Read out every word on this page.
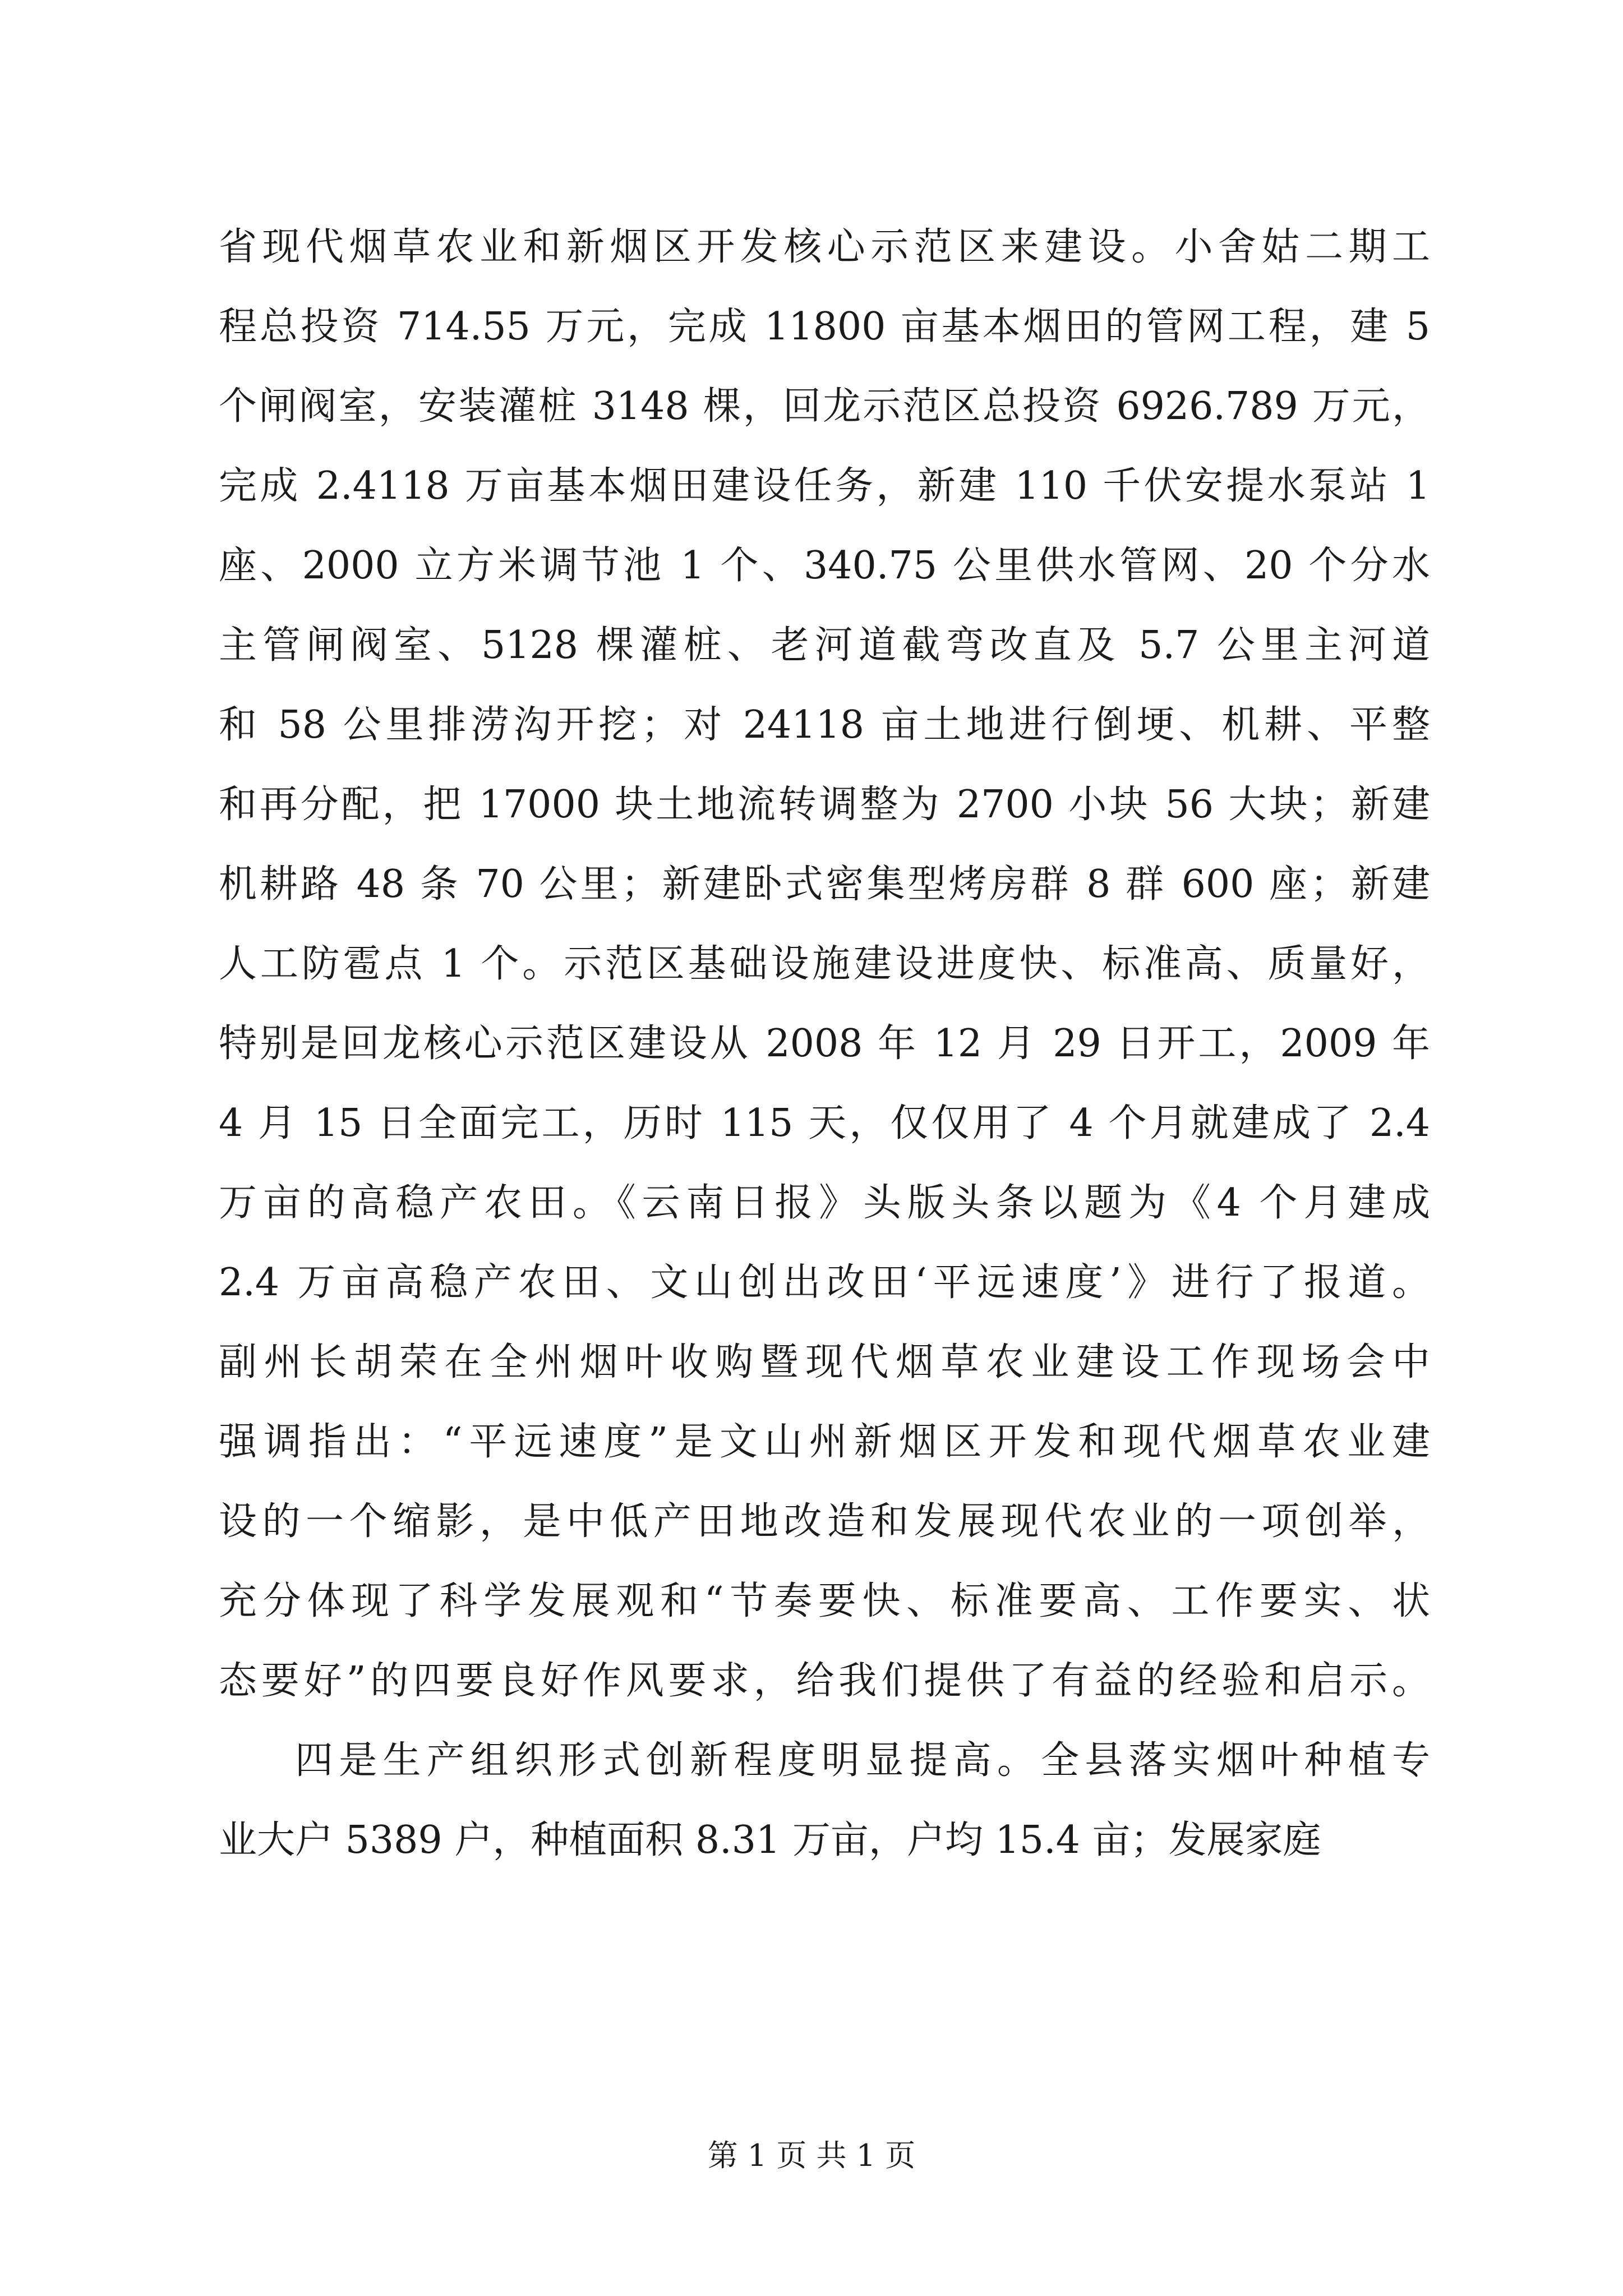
省现代烟草农业和新烟区开发核心示范区来建设。小舍姑二期工
程总投资 714.55 万元，完成 11800 亩基本烟田的管网工程，建 5
个闸阀室，安装灌桩 3148 棵，回龙示范区总投资 6926.789 万元，
完成 2.4118 万亩基本烟田建设任务，新建 110 千伏安提水泵站 1
座、2000 立方米调节池 1 个、340.75 公里供水管网、20 个分水
主管闸阀室、5128 棵灌桩、老河道截弯改直及 5.7 公里主河道
和 58 公里排涝沟开挖；对 24118 亩土地进行倒埂、机耕、平整
和再分配，把 17000 块土地流转调整为 2700 小块 56 大块；新建
机耕路 48 条 70 公里；新建卧式密集型烤房群 8 群 600 座；新建
人工防雹点 1 个。示范区基础设施建设进度快、标准高、质量好，
特别是回龙核心示范区建设从 2008 年 12 月 29 日开工，2009 年
4 月 15 日全面完工，历时 115 天，仅仅用了 4 个月就建成了 2.4
万亩的高稳产农田。《云南日报》头版头条以题为《4 个月建成
2.4 万亩高稳产农田、文山创出改田‘平远速度’》进行了报道。
副州长胡荣在全州烟叶收购暨现代烟草农业建设工作现场会中
强调指出：“平远速度”是文山州新烟区开发和现代烟草农业建
设的一个缩影，是中低产田地改造和发展现代农业的一项创举，
充分体现了科学发展观和“节奏要快、标准要高、工作要实、状
态要好”的四要良好作风要求，给我们提供了有益的经验和启示。
四是生产组织形式创新程度明显提高。全县落实烟叶种植专
业大户 5389 户，种植面积 8.31 万亩，户均 15.4 亩；发展家庭
第 1 页 共 1 页
